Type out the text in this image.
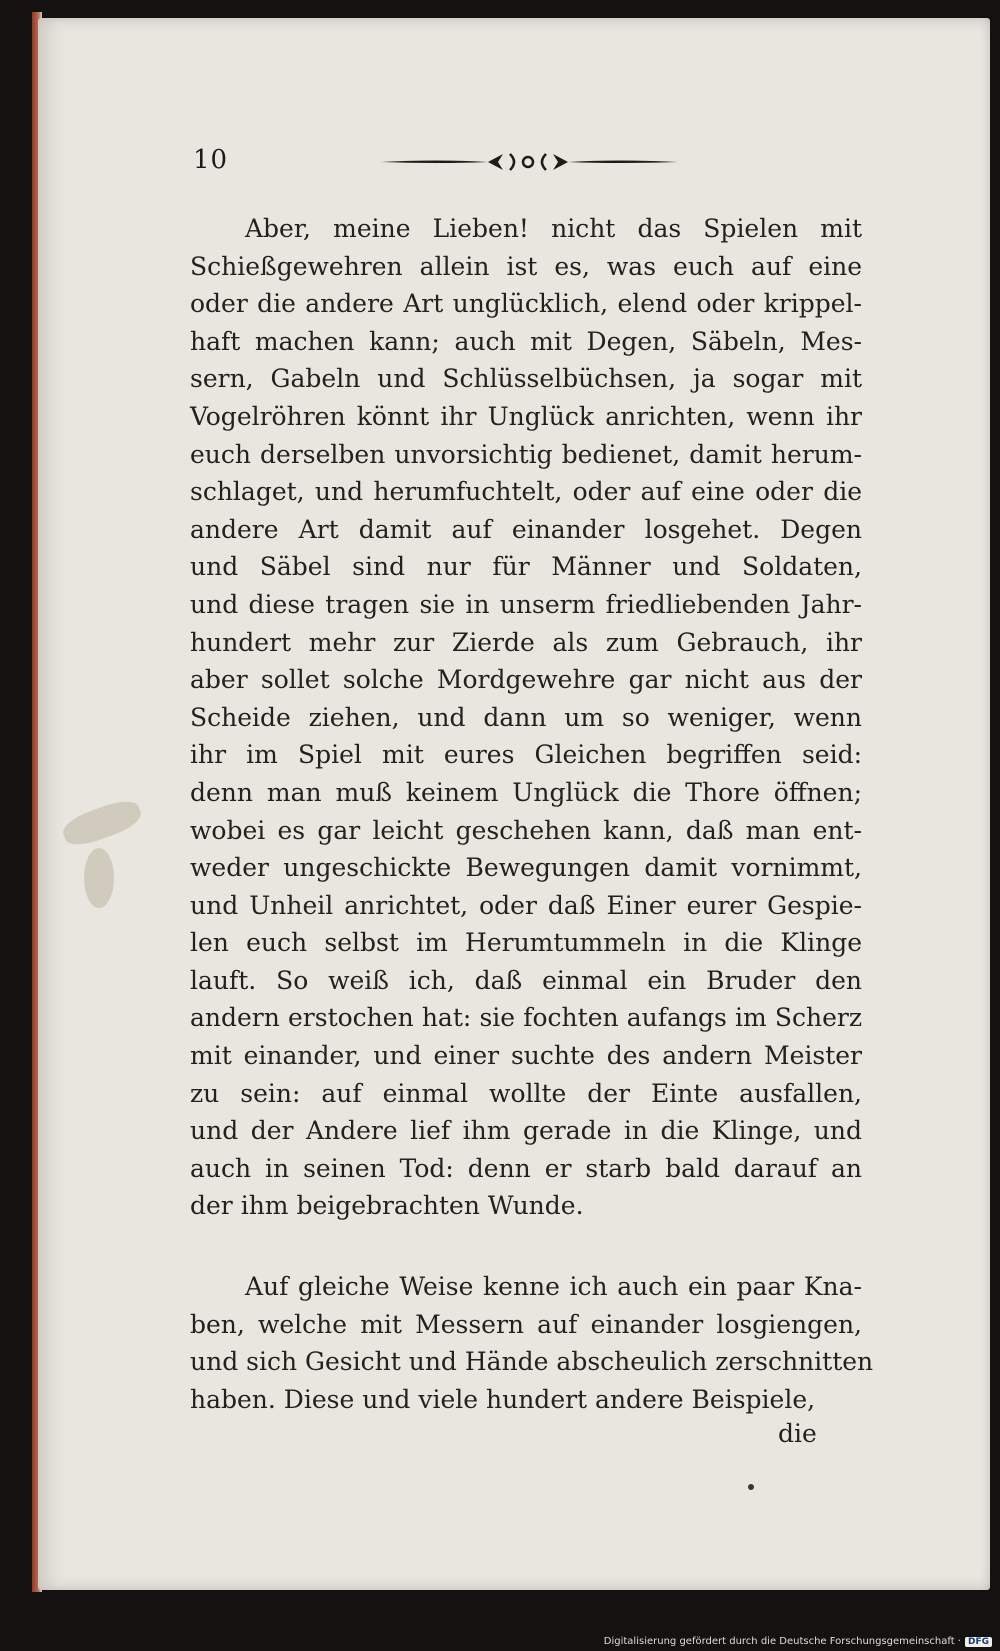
10
Aber, meine Lieben! nicht das Spielen mit
Schießgewehren allein ist es, was euch auf eine
oder die andere Art unglücklich, elend oder krippel-
haft machen kann; auch mit Degen, Säbeln, Mes-
sern, Gabeln und Schlüsselbüchsen, ja sogar mit
Vogelröhren könnt ihr Unglück anrichten, wenn ihr
euch derselben unvorsichtig bedienet, damit herum-
schlaget, und herumfuchtelt, oder auf eine oder die
andere Art damit auf einander losgehet. Degen
und Säbel sind nur für Männer und Soldaten,
und diese tragen sie in unserm friedliebenden Jahr-
hundert mehr zur Zierde als zum Gebrauch, ihr
aber sollet solche Mordgewehre gar nicht aus der
Scheide ziehen, und dann um so weniger, wenn
ihr im Spiel mit eures Gleichen begriffen seid:
denn man muß keinem Unglück die Thore öffnen;
wobei es gar leicht geschehen kann, daß man ent-
weder ungeschickte Bewegungen damit vornimmt,
und Unheil anrichtet, oder daß Einer eurer Gespie-
len euch selbst im Herumtummeln in die Klinge
lauft. So weiß ich, daß einmal ein Bruder den
andern erstochen hat: sie fochten aufangs im Scherz
mit einander, und einer suchte des andern Meister
zu sein: auf einmal wollte der Einte ausfallen,
und der Andere lief ihm gerade in die Klinge, und
auch in seinen Tod: denn er starb bald darauf an
der ihm beigebrachten Wunde.
Auf gleiche Weise kenne ich auch ein paar Kna-
ben, welche mit Messern auf einander losgiengen,
und sich Gesicht und Hände abscheulich zerschnitten
haben. Diese und viele hundert andere Beispiele,
die
Digitalisierung gefördert durch die Deutsche Forschungsgemeinschaft · DFG
